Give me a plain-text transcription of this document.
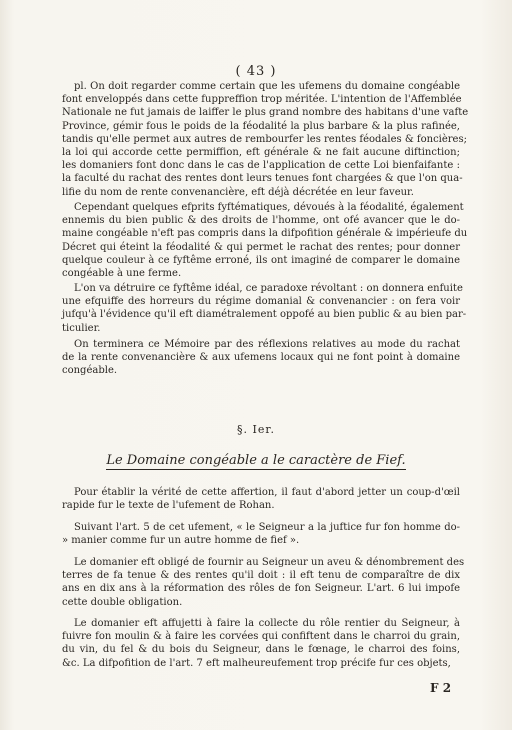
( 43 )
pl. On doit regarder comme certain que les ufemens du domaine congéable
font enveloppés dans cette fuppreffion trop méritée. L'intention de l'Affemblée
Nationale ne fut jamais de laiffer le plus grand nombre des habitans d'une vafte
Province, gémir fous le poids de la féodalité la plus barbare & la plus rafinée,
tandis qu'elle permet aux autres de rembourfer les rentes féodales & foncières;
la loi qui accorde cette permiffion, eft générale & ne fait aucune diftinction;
les domaniers font donc dans le cas de l'application de cette Loi bienfaifante :
la faculté du rachat des rentes dont leurs tenues font chargées & que l'on qua-
lifie du nom de rente convenancière, eft déjà décrétée en leur faveur.
Cependant quelques efprits fyftématiques, dévoués à la féodalité, également
ennemis du bien public & des droits de l'homme, ont ofé avancer que le do-
maine congéable n'eft pas compris dans la difpofition générale & impérieufe du
Décret qui éteint la féodalité & qui permet le rachat des rentes; pour donner
quelque couleur à ce fyftême erroné, ils ont imaginé de comparer le domaine
congéable à une ferme.
L'on va détruire ce fyftême idéal, ce paradoxe révoltant : on donnera enfuite
une efquiffe des horreurs du régime domanial & convenancier : on fera voir
jufqu'à l'évidence qu'il eft diamétralement oppofé au bien public & au bien par-
ticulier.
On terminera ce Mémoire par des réflexions relatives au mode du rachat
de la rente convenancière & aux ufemens locaux qui ne font point à domaine
congéable.
§. Ier.
Le Domaine congéable a le caractère de Fief.
Pour établir la vérité de cette affertion, il faut d'abord jetter un coup-d'œil
rapide fur le texte de l'ufement de Rohan.
Suivant l'art. 5 de cet ufement, « le Seigneur a la juftice fur fon homme do-
» manier comme fur un autre homme de fief ».
Le domanier eft obligé de fournir au Seigneur un aveu & dénombrement des
terres de fa tenue & des rentes qu'il doit : il eft tenu de comparaître de dix
ans en dix ans à la réformation des rôles de fon Seigneur. L'art. 6 lui impofe
cette double obligation.
Le domanier eft affujetti à faire la collecte du rôle rentier du Seigneur, à
fuivre fon moulin & à faire les corvées qui confiftent dans le charroi du grain,
du vin, du fel & du bois du Seigneur, dans le fœnage, le charroi des foins,
&c. La difpofition de l'art. 7 eft malheureufement trop précife fur ces objets,
F 2
